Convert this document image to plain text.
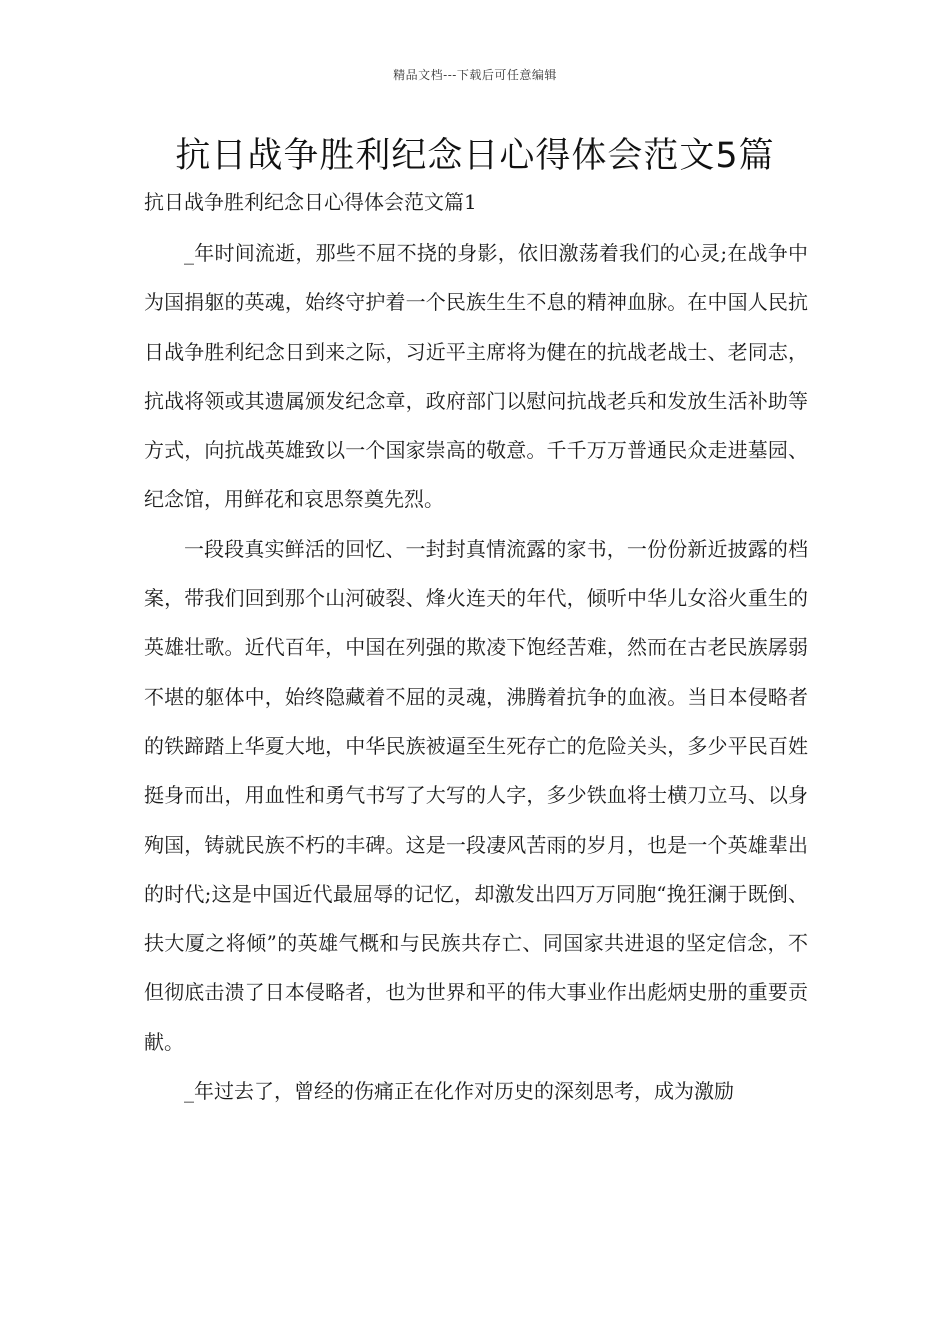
精品文档---下载后可任意编辑
抗日战争胜利纪念日心得体会范文5篇
抗日战争胜利纪念日心得体会范文篇1

_年时间流逝，那些不屈不挠的身影，依旧激荡着我们的心灵;在战争中为国捐躯的英魂，始终守护着一个民族生生不息的精神血脉。在中国人民抗日战争胜利纪念日到来之际，习近平主席将为健在的抗战老战士、老同志，抗战将领或其遗属颁发纪念章，政府部门以慰问抗战老兵和发放生活补助等方式，向抗战英雄致以一个国家崇高的敬意。千千万万普通民众走进墓园、纪念馆，用鲜花和哀思祭奠先烈。

一段段真实鲜活的回忆、一封封真情流露的家书，一份份新近披露的档案，带我们回到那个山河破裂、烽火连天的年代，倾听中华儿女浴火重生的英雄壮歌。近代百年，中国在列强的欺凌下饱经苦难，然而在古老民族孱弱不堪的躯体中，始终隐藏着不屈的灵魂，沸腾着抗争的血液。当日本侵略者的铁蹄踏上华夏大地，中华民族被逼至生死存亡的危险关头，多少平民百姓挺身而出，用血性和勇气书写了大写的人字，多少铁血将士横刀立马、以身殉国，铸就民族不朽的丰碑。这是一段凄风苦雨的岁月，也是一个英雄辈出的时代;这是中国近代最屈辱的记忆，却激发出四万万同胞“挽狂澜于既倒、扶大厦之将倾”的英雄气概和与民族共存亡、同国家共进退的坚定信念，不但彻底击溃了日本侵略者，也为世界和平的伟大事业作出彪炳史册的重要贡献。

_年过去了，曾经的伤痛正在化作对历史的深刻思考，成为激励
